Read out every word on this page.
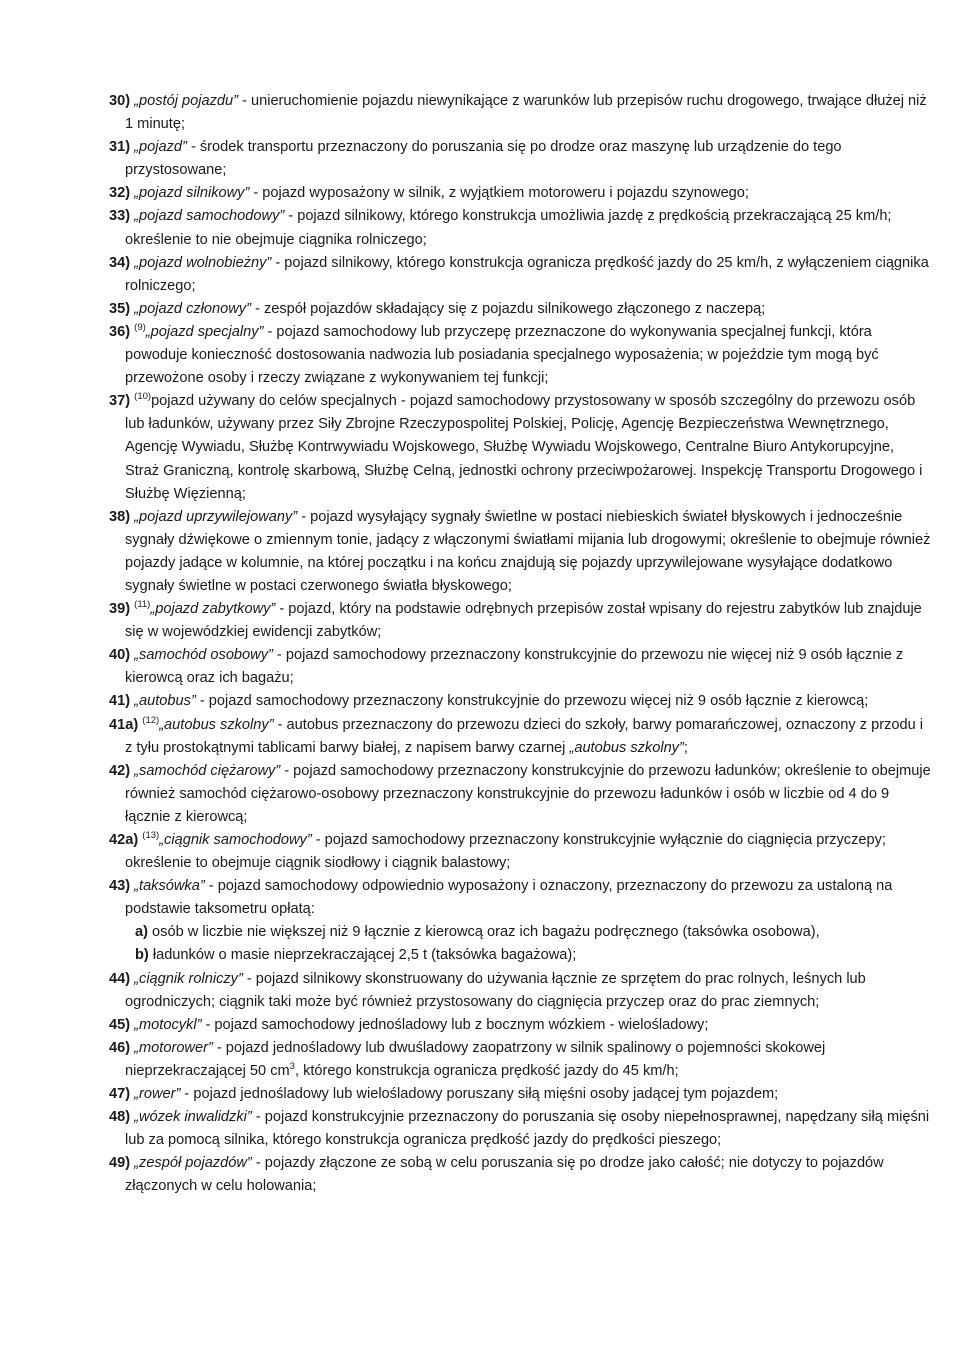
30) „postój pojazdu” - unieruchomienie pojazdu niewynikające z warunków lub przepisów ruchu drogowego, trwające dłużej niż 1 minutę;
31) „pojazd” - środek transportu przeznaczony do poruszania się po drodze oraz maszynę lub urządzenie do tego przystosowane;
32) „pojazd silnikowy” - pojazd wyposażony w silnik, z wyjątkiem motoroweru i pojazdu szynowego;
33) „pojazd samochodowy” - pojazd silnikowy, którego konstrukcja umożliwia jazdę z prędkością przekraczającą 25 km/h; określenie to nie obejmuje ciągnika rolniczego;
34) „pojazd wolnobieżny” - pojazd silnikowy, którego konstrukcja ogranicza prędkość jazdy do 25 km/h, z wyłączeniem ciągnika rolniczego;
35) „pojazd członowy” - zespół pojazdów składający się z pojazdu silnikowego złączonego z naczepą;
36) $^{(9)}$„pojazd specjalny” - pojazd samochodowy lub przyczepę przeznaczone do wykonywania specjalnej funkcji, która powoduje konieczność dostosowania nadwozia lub posiadania specjalnego wyposażenia; w pojeździe tym mogą być przewożone osoby i rzeczy związane z wykonywaniem tej funkcji;
37) $^{(10)}$pojazd używany do celów specjalnych - pojazd samochodowy przystosowany w sposób szczególny do przewozu osób lub ładunków, używany przez Siły Zbrojne Rzeczypospolitej Polskiej, Policję, Agencję Bezpieczeństwa Wewnętrznego, Agencję Wywiadu, Służbę Kontrwywiadu Wojskowego, Służbę Wywiadu Wojskowego, Centralne Biuro Antykorupcyjne, Straż Graniczną, kontrolę skarbową, Służbę Celną, jednostki ochrony przeciwpożarowej. Inspekcję Transportu Drogowego i Służbę Więzienną;
38) „pojazd uprzywilejowany” - pojazd wysyłający sygnały świetlne w postaci niebieskich świateł błyskowych i jednocześnie sygnały dźwiękowe o zmiennym tonie, jadący z włączonymi światłami mijania lub drogowymi; określenie to obejmuje również pojazdy jadące w kolumnie, na której początku i na końcu znajdują się pojazdy uprzywilejowane wysyłające dodatkowo sygnały świetlne w postaci czerwonego światła błyskowego;
39) $^{(11)}$„pojazd zabytkowy” - pojazd, który na podstawie odrębnych przepisów został wpisany do rejestru zabytków lub znajduje się w wojewódzkiej ewidencji zabytków;
40) „samochód osobowy” - pojazd samochodowy przeznaczony konstrukcyjnie do przewozu nie więcej niż 9 osób łącznie z kierowcą oraz ich bagażu;
41) „autobus” - pojazd samochodowy przeznaczony konstrukcyjnie do przewozu więcej niż 9 osób łącznie z kierowcą;
41a) $^{(12)}$„autobus szkolny” - autobus przeznaczony do przewozu dzieci do szkoły, barwy pomarańczowej, oznaczony z przodu i z tyłu prostokątnymi tablicami barwy białej, z napisem barwy czarnej „autobus szkolny”;
42) „samochód ciężarowy” - pojazd samochodowy przeznaczony konstrukcyjnie do przewozu ładunków; określenie to obejmuje również samochód ciężarowo-osobowy przeznaczony konstrukcyjnie do przewozu ładunków i osób w liczbie od 4 do 9 łącznie z kierowcą;
42a) $^{(13)}$„ciągnik samochodowy” - pojazd samochodowy przeznaczony konstrukcyjnie wyłącznie do ciągnięcia przyczepy; określenie to obejmuje ciągnik siodłowy i ciągnik balastowy;
43) „taksówka” - pojazd samochodowy odpowiednio wyposażony i oznaczony, przeznaczony do przewozu za ustaloną na podstawie taksometru opłatą:
a) osób w liczbie nie większej niż 9 łącznie z kierowcą oraz ich bagażu podręcznego (taksówka osobowa),
b) ładunków o masie nieprzekraczającej 2,5 t (taksówka bagażowa);
44) „ciągnik rolniczy” - pojazd silnikowy skonstruowany do używania łącznie ze sprzętem do prac rolnych, leśnych lub ogrodniczych; ciągnik taki może być również przystosowany do ciągnięcia przyczep oraz do prac ziemnych;
45) „motocykl” - pojazd samochodowy jednośladowy lub z bocznym wózkiem - wielośladowy;
46) „motorower” - pojazd jednośladowy lub dwuśladowy zaopatrzony w silnik spalinowy o pojemności skokowej nieprzekraczającej 50 $cm^3$, którego konstrukcja ogranicza prędkość jazdy do 45 km/h;
47) „rower” - pojazd jednośladowy lub wielośladowy poruszany siłą mięśni osoby jadącej tym pojazdem;
48) „wózek inwalidzki” - pojazd konstrukcyjnie przeznaczony do poruszania się osoby niepełnosprawnej, napędzany siłą mięśni lub za pomocą silnika, którego konstrukcja ogranicza prędkość jazdy do prędkości pieszego;
49) „zespół pojazdów” - pojazdy złączone ze sobą w celu poruszania się po drodze jako całość; nie dotyczy to pojazdów złączonych w celu holowania;
